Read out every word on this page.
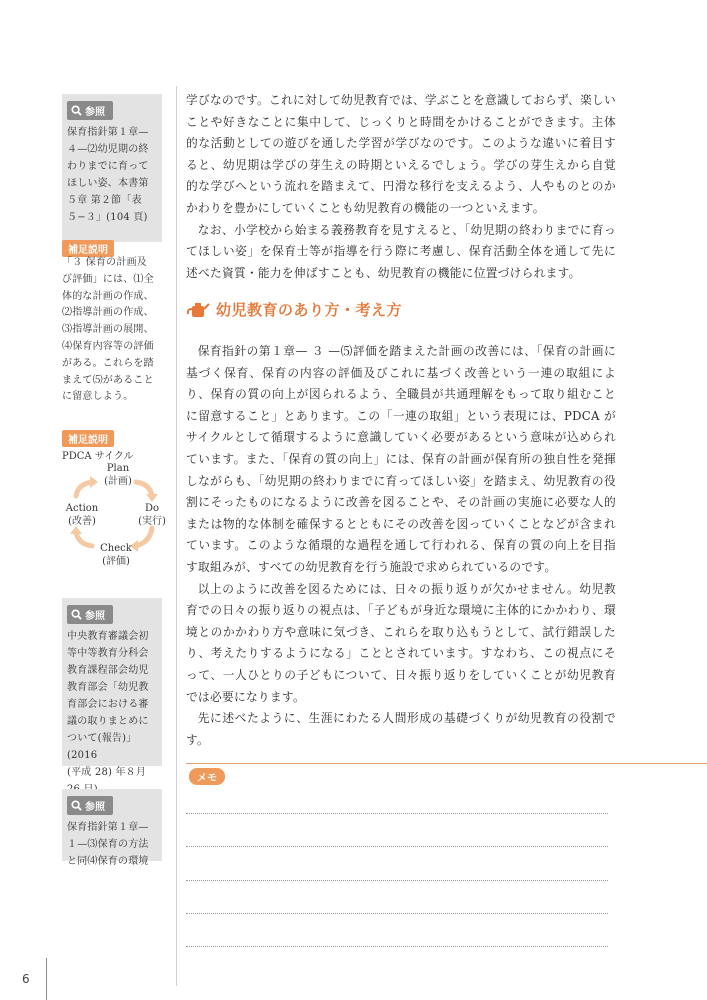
参照
保育指針第１章—
４—⑵幼児期の終
わりまでに育って
ほしい姿、本書第
５章 第２節「表
５−３」(104 頁)
補足説明
「３ 保育の計画及
び評価」には、⑴全
体的な計画の作成、
⑵指導計画の作成、
⑶指導計画の展開、
⑷保育内容等の評価
がある。これらを踏
まえて⑸があること
に留意しよう。
補足説明
PDCA サイクル
Plan
(計画)
Do
(実行)
Check
(評価)
Action
(改善)
参照
中央教育審議会初
等中等教育分科会
教育課程部会幼児
教育部会「幼児教
育部会における審
議の取りまとめに
ついて(報告)」(2016
(平成 28) 年８月

参照
保育指針第１章—
１—⑶保育の方法
と同⑷保育の環境

学びなのです。これに対して幼児教育では、学ぶことを意識しておらず、楽しいことや好きなことに集中して、じっくりと時間をかけることができます。主体的な活動としての遊びを通した学習が学びなのです。このような違いに着目すると、幼児期は学びの芽生えの時期といえるでしょう。学びの芽生えから自覚的な学びへという流れを踏まえて、円滑な移行を支えるよう、人やものとのかかわりを豊かにしていくことも幼児教育の機能の一つといえます。

なお、小学校から始まる義務教育を見すえると、「幼児期の終わりまでに育ってほしい姿」を保育士等が指導を行う際に考慮し、保育活動全体を通して先に述べた資質・能力を伸ばすことも、幼児教育の機能に位置づけられます。

幼児教育のあり方・考え方

保育指針の第１章— ３ —⑸評価を踏まえた計画の改善には、「保育の計画に基づく保育、保育の内容の評価及びこれに基づく改善という一連の取組により、保育の質の向上が図られるよう、全職員が共通理解をもって取り組むことに留意すること」とあります。この「一連の取組」という表現には、PDCA がサイクルとして循環するように意識していく必要があるという意味が込められています。また、「保育の質の向上」には、保育の計画が保育所の独自性を発揮しながらも、「幼児期の終わりまでに育ってほしい姿」を踏まえ、幼児教育の役割にそったものになるように改善を図ることや、その計画の実施に必要な人的または物的な体制を確保するとともにその改善を図っていくことなどが含まれています。このような循環的な過程を通して行われる、保育の質の向上を目指す取組みが、すべての幼児教育を行う施設で求められているのです。

以上のように改善を図るためには、日々の振り返りが欠かせません。幼児教育での日々の振り返りの視点は、「子どもが身近な環境に主体的にかかわり、環境とのかかわり方や意味に気づき、これらを取り込もうとして、試行錯誤したり、考えたりするようになる」こととされています。すなわち、この視点にそって、一人ひとりの子どもについて、日々振り返りをしていくことが幼児教育では必要になります。

先に述べたように、生涯にわたる人間形成の基礎づくりが幼児教育の役割です。

メモ
6
